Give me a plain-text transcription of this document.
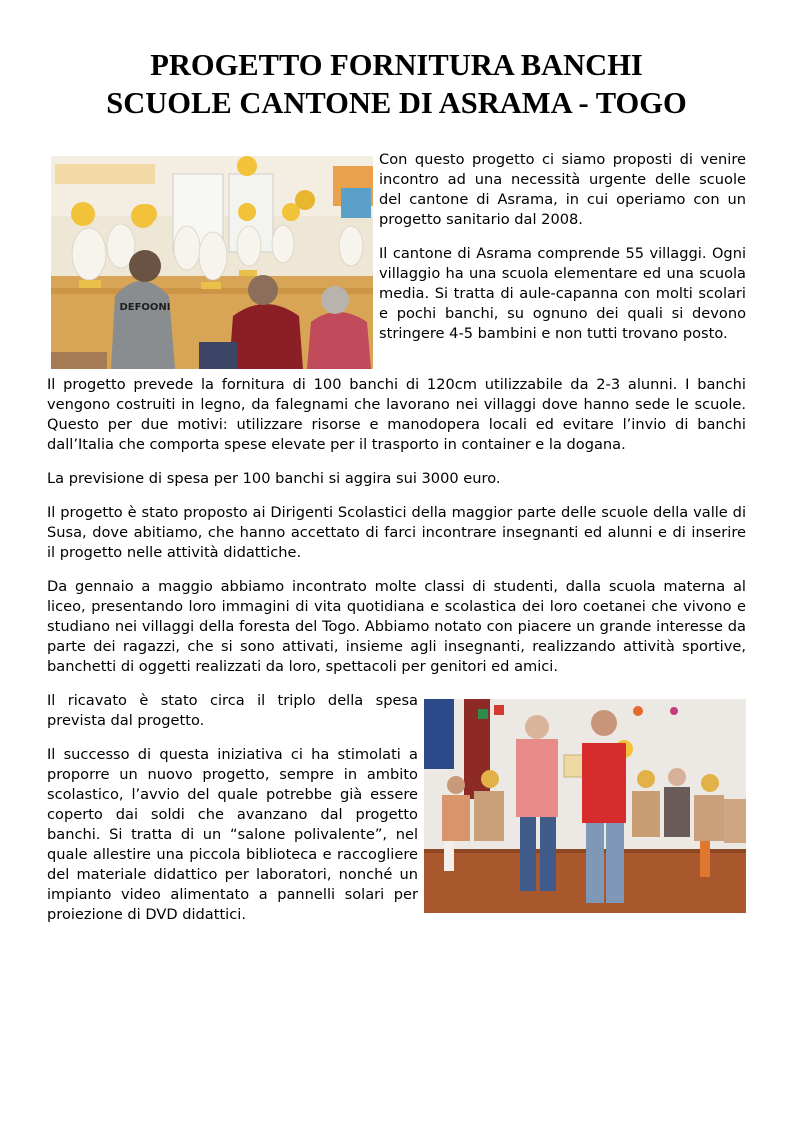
PROGETTO FORNITURA BANCHI
SCUOLE CANTONE DI ASRAMA - TOGO
DEFOONI

Con questo progetto ci siamo proposti di venire incontro ad una necessità urgente delle scuole del cantone di Asrama, in cui operiamo con un progetto sanitario dal 2008.

Il cantone di Asrama comprende 55 villaggi. Ogni villaggio ha una scuola elementare ed una scuola media. Si tratta di aule-capanna con molti scolari e pochi banchi, su ognuno dei quali si devono stringere 4-5 bambini e non tutti trovano posto.

Il progetto prevede la fornitura di 100 banchi di 120cm utilizzabile da 2-3 alunni. I banchi vengono costruiti in legno, da falegnami che lavorano nei villaggi dove hanno sede le scuole. Questo per due motivi: utilizzare risorse e manodopera locali ed evitare l’invio di banchi dall’Italia che comporta spese elevate per il trasporto in container e la dogana.

La previsione di spesa per 100 banchi si aggira sui 3000 euro.

Il progetto è stato proposto ai Dirigenti Scolastici della maggior parte delle scuole della valle di Susa, dove abitiamo, che hanno accettato di farci incontrare insegnanti ed alunni e di inserire il progetto nelle attività didattiche.

Da gennaio a maggio abbiamo incontrato molte classi di studenti, dalla scuola materna al liceo, presentando loro immagini di vita quotidiana e scolastica dei loro coetanei che vivono e studiano nei villaggi della foresta del Togo. Abbiamo notato con piacere un grande interesse da parte dei ragazzi, che si sono attivati, insieme agli insegnanti, realizzando attività sportive, banchetti di oggetti realizzati da loro, spettacoli per genitori ed amici.

Il ricavato è stato circa il triplo della spesa prevista dal progetto.

Il successo di questa iniziativa ci ha stimolati a proporre un nuovo progetto, sempre in ambito scolastico, l’avvio del quale potrebbe già essere coperto dai soldi che avanzano dal progetto banchi. Si tratta di un “salone polivalente”, nel quale allestire una piccola biblioteca e raccogliere del materiale didattico per laboratori, nonché un impianto video alimentato a pannelli solari per proiezione di DVD didattici.
